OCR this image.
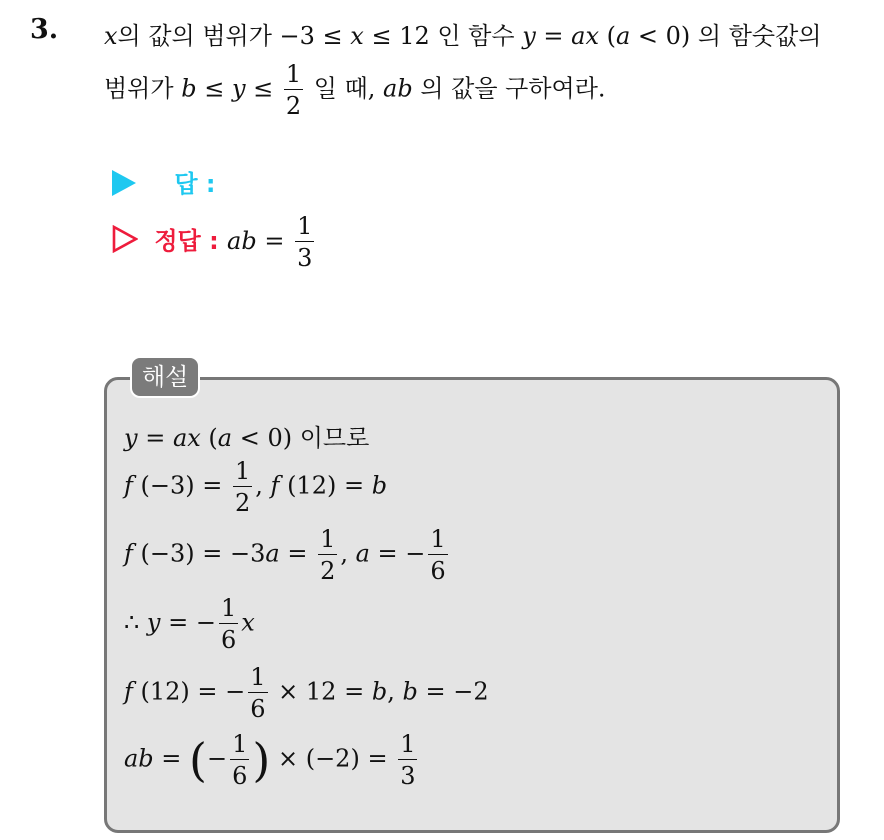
3. x의 값의 범위가 −3 ≤ x ≤ 12 인 함수 y = ax (a < 0) 의 함숫값의
범위가 $b \le y \le \frac{1}{2}$ 일 때, ab 의 값을 구하여라.
답 :
정답 : ab = $\frac{1}{3}$
해설
y = ax (a < 0) 이므로
f $(-3) = \frac{1}{2}$ , f (12) = b
f $(-3) = -3a = \frac{1}{2}$ , a = − $\frac{1}{6}$
∴ y = − $\frac{1}{6}$ x
f (12) = − $\frac{1}{6} \times 12 = b$, b = −2
ab = (− $\frac{1}{6}$ ) × $(-2) = \frac{1}{3}$
